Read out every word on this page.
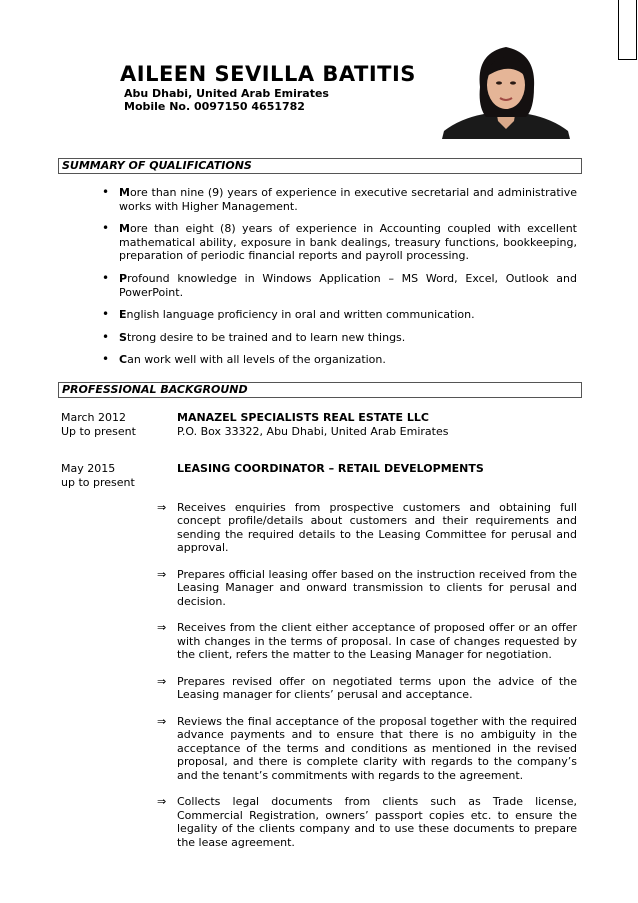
AILEEN SEVILLA BATITIS
Abu Dhabi, United Arab Emirates
Mobile No. 0097150 4651782
SUMMARY OF QUALIFICATIONS
• More than nine (9) years of experience in executive secretarial and administrative works with Higher Management.
• More than eight (8) years of experience in Accounting coupled with excellent mathematical ability, exposure in bank dealings, treasury functions, bookkeeping, preparation of periodic financial reports and payroll processing.
• Profound knowledge in Windows Application – MS Word, Excel, Outlook and PowerPoint.
• English language proficiency in oral and written communication.
• Strong desire to be trained and to learn new things.
• Can work well with all levels of the organization.
PROFESSIONAL BACKGROUND
March 2012
Up to present
MANAZEL SPECIALISTS REAL ESTATE LLC
P.O. Box 33322, Abu Dhabi, United Arab Emirates
May 2015
up to present
LEASING COORDINATOR – RETAIL DEVELOPMENTS
⇒ Receives enquiries from prospective customers and obtaining full concept profile/details about customers and their requirements and sending the required details to the Leasing Committee for perusal and approval.
⇒ Prepares official leasing offer based on the instruction received from the Leasing Manager and onward transmission to clients for perusal and decision.
⇒ Receives from the client either acceptance of proposed offer or an offer with changes in the terms of proposal. In case of changes requested by the client, refers the matter to the Leasing Manager for negotiation.
⇒ Prepares revised offer on negotiated terms upon the advice of the Leasing manager for clients’ perusal and acceptance.
⇒ Reviews the final acceptance of the proposal together with the required advance payments and to ensure that there is no ambiguity in the acceptance of the terms and conditions as mentioned in the revised proposal, and there is complete clarity with regards to the company’s and the tenant’s commitments with regards to the agreement.
⇒ Collects legal documents from clients such as Trade license, Commercial Registration, owners’ passport copies etc. to ensure the legality of the clients company and to use these documents to prepare the lease agreement.
